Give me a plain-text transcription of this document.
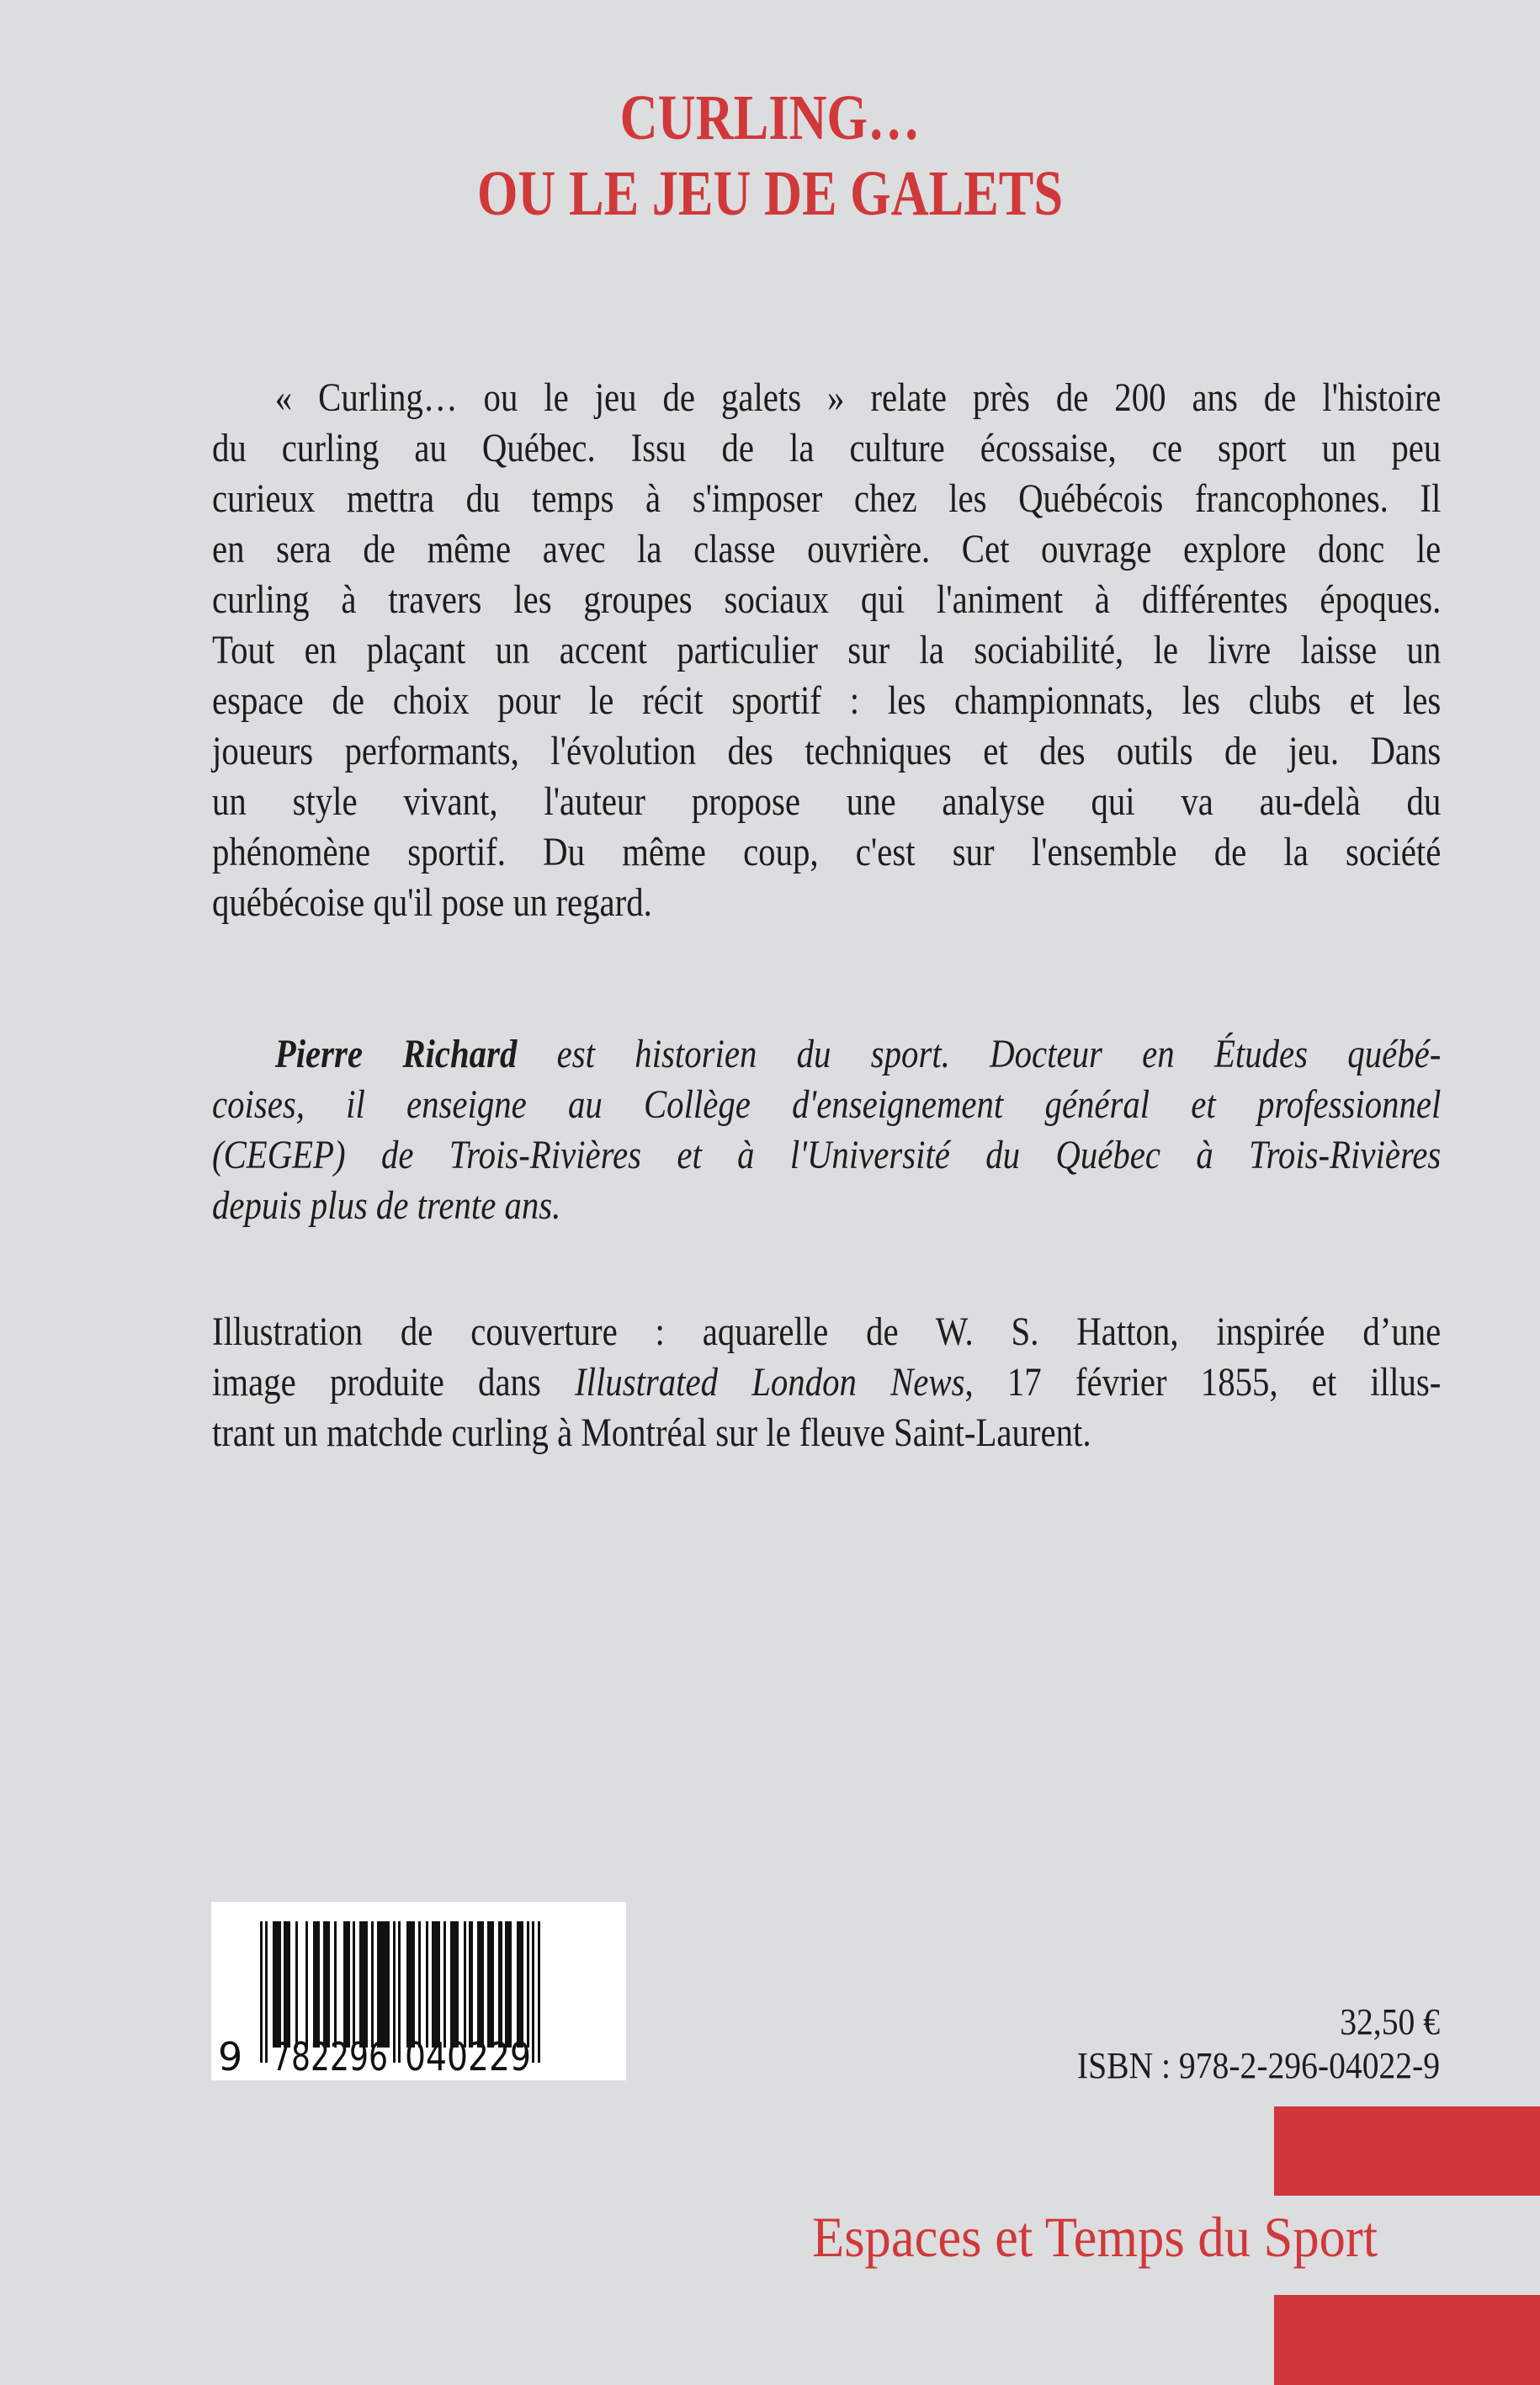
CURLING…
OU LE JEU DE GALETS
« Curling… ou le jeu de galets » relate près de 200 ans de l'histoire
du curling au Québec. Issu de la culture écossaise, ce sport un peu
curieux mettra du temps à s'imposer chez les Québécois francophones. Il
en sera de même avec la classe ouvrière. Cet ouvrage explore donc le
curling à travers les groupes sociaux qui l'animent à différentes époques.
Tout en plaçant un accent particulier sur la sociabilité, le livre laisse un
espace de choix pour le récit sportif : les championnats, les clubs et les
joueurs performants, l'évolution des techniques et des outils de jeu. Dans
un style vivant, l'auteur propose une analyse qui va au-delà du
phénomène sportif. Du même coup, c'est sur l'ensemble de la société
québécoise qu'il pose un regard.
Pierre Richard est historien du sport. Docteur en Études québé-
coises, il enseigne au Collège d'enseignement général et professionnel
(CEGEP) de Trois-Rivières et à l'Université du Québec à Trois-Rivières
depuis plus de trente ans.
Illustration de couverture : aquarelle de W. S. Hatton, inspirée d’une
image produite dans Illustrated London News, 17 février 1855, et illus-
trant un matchde curling à Montréal sur le fleuve Saint-Laurent.
9 782296 040229
32,50 €
ISBN : 978-2-296-04022-9
Espaces et Temps du Sport
